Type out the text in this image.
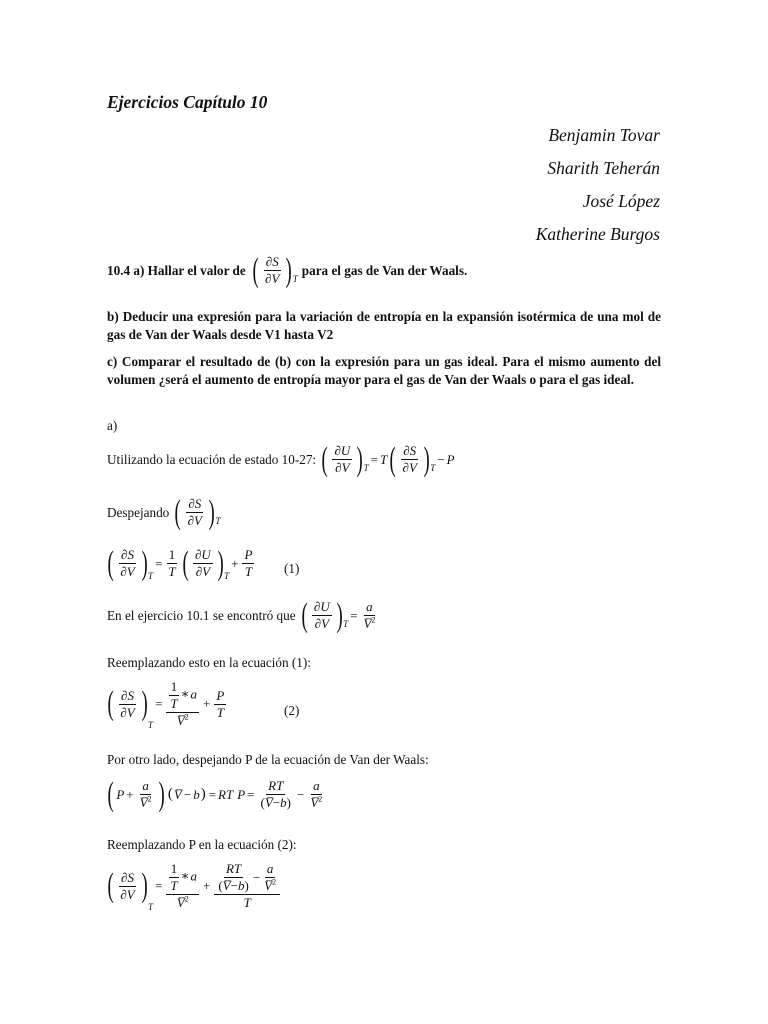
Ejercicios Capítulo 10
Benjamin Tovar
Sharith Teherán
José López
Katherine Burgos
10.4 a) Hallar el valor de ( $\frac{\partial S}{\partial V}$ ) T
para el gas de Van der Waals.
b) Deducir una expresión para la variación de entropía en la expansión isotérmica de una mol de gas de Van der Waals desde V1 hasta V2
c) Comparar el resultado de (b) con la expresión para un gas ideal. Para el mismo aumento del volumen ¿será el aumento de entropía mayor para el gas de Van der Waals o para el gas ideal.
a)
Utilizando la ecuación de estado 10-27: ( $\frac{\partial U}{\partial V}$ ) T
= T ( $\frac{\partial S}{\partial V}$ ) T
− P
Despejando ( $\frac{\partial S}{\partial V}$ ) T
( $\frac{\partial S}{\partial V}$ ) T
= $\frac{1}{T}$ ( $\frac{\partial U}{\partial V}$ ) T
+ $\frac{P}{T} (1)$
En el ejercicio 10.1 se encontró que ( $\frac{\partial U}{\partial V}$ ) T
= $\frac{a}{V̅^2}$
Reemplazando esto en la ecuación (1):
( $\frac{\partial S}{\partial V}$ )
T
= $\frac{\frac{1}{T} ∗a}{V̅^2} + \frac{P}{T}$	(2)
Por otro lado, despejando P de la ecuación de Van der Waals:
( $P + \frac{a}{V̅^2}$ ) ( V̅ − b ) = RT $P = \frac{RT}{(V̅-b)} - \frac{a}{V̅^2}$
Reemplazando P en la ecuación (2):
( $\frac{\partial S}{\partial V}$ )
T
= $\frac{\frac{1}{T} ∗a}{V̅^2} + \frac{\frac{RT}{(V̅-b)} - \frac{a}{V̅^2}}{T}$
